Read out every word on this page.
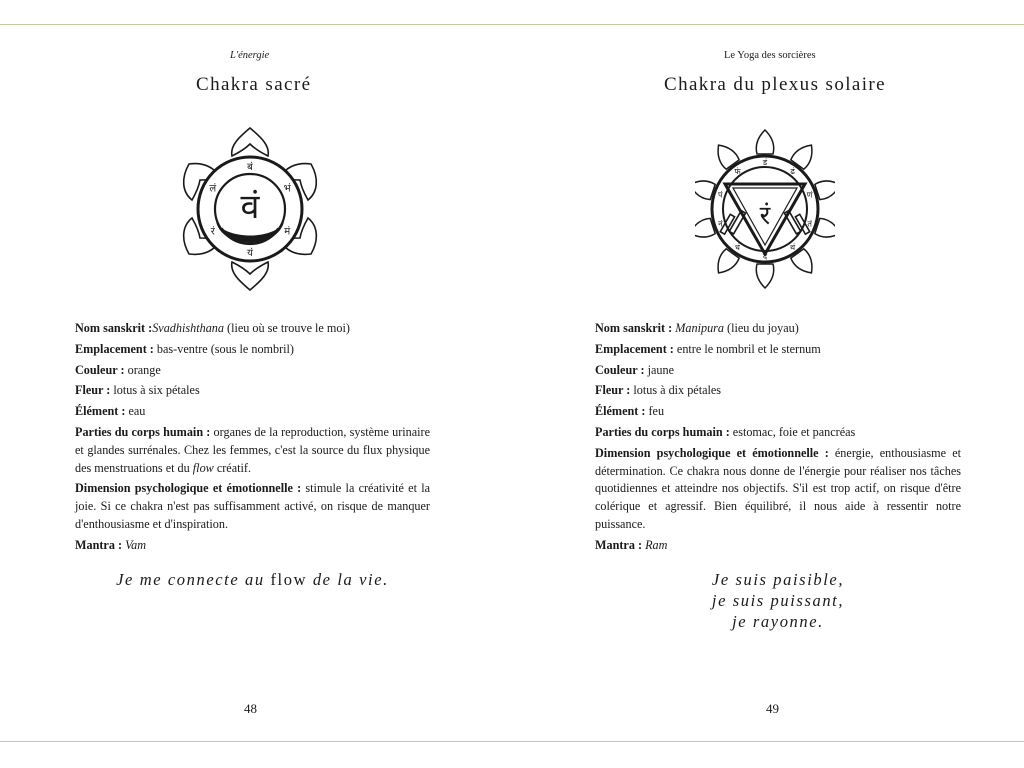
L'énergie
Chakra sacré
वं
बं
भं
मं
यं
रं
लं
Nom sanskrit :Svadhishthana (lieu où se trouve le moi)
Emplacement : bas-ventre (sous le nombril)
Couleur : orange
Fleur : lotus à six pétales
Élément : eau
Parties du corps humain : organes de la reproduction, système urinaire et glandes surrénales. Chez les femmes, c'est la source du flux physique des menstruations et du flow créatif.
Dimension psychologique et émotionnelle : stimule la créativité et la joie. Si ce chakra n'est pas suffisamment activé, on risque de manquer d'enthousiasme et d'inspiration.
Mantra : Vam
Je me connecte au flow de la vie.
48
Le Yoga des sorcières
Chakra du plexus solaire
रं
डं
ढं
णं
तं
थं
दं
धं
नं
पं
फं
Nom sanskrit : Manipura (lieu du joyau)
Emplacement : entre le nombril et le sternum
Couleur : jaune
Fleur : lotus à dix pétales
Élément : feu
Parties du corps humain : estomac, foie et pancréas
Dimension psychologique et émotionnelle : énergie, enthousiasme et détermination. Ce chakra nous donne de l'énergie pour réaliser nos tâches quotidiennes et atteindre nos objectifs. S'il est trop actif, on risque d'être colérique et agressif. Bien équilibré, il nous aide à ressentir notre puissance.
Mantra : Ram
Je suis paisible,
je suis puissant,
je rayonne.
49
